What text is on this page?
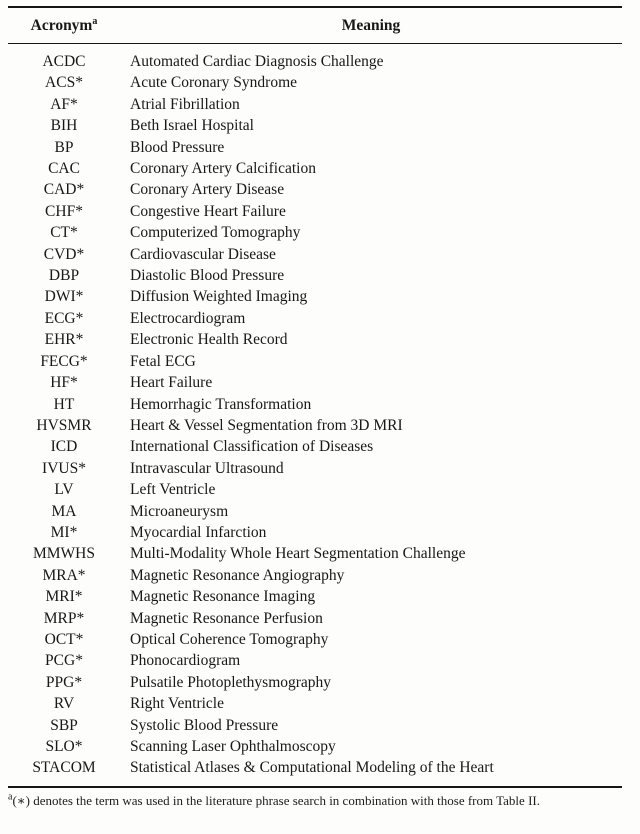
Acronym$^a$	Meaning
ACDC	Automated Cardiac Diagnosis Challenge
ACS*	Acute Coronary Syndrome
AF*	Atrial Fibrillation
BIH	Beth Israel Hospital
BP	Blood Pressure
CAC	Coronary Artery Calcification
CAD*	Coronary Artery Disease
CHF*	Congestive Heart Failure
CT*	Computerized Tomography
CVD*	Cardiovascular Disease
DBP	Diastolic Blood Pressure
DWI*	Diffusion Weighted Imaging
ECG*	Electrocardiogram
EHR*	Electronic Health Record
FECG*	Fetal ECG
HF*	Heart Failure
HT	Hemorrhagic Transformation
HVSMR	Heart & Vessel Segmentation from 3D MRI
ICD	International Classification of Diseases
IVUS*	Intravascular Ultrasound
LV	Left Ventricle
MA	Microaneurysm
MI*	Myocardial Infarction
MMWHS	Multi-Modality Whole Heart Segmentation Challenge
MRA*	Magnetic Resonance Angiography
MRI*	Magnetic Resonance Imaging
MRP*	Magnetic Resonance Perfusion
OCT*	Optical Coherence Tomography
PCG*	Phonocardiogram
PPG*	Pulsatile Photoplethysmography
RV	Right Ventricle
SBP	Systolic Blood Pressure
SLO*	Scanning Laser Ophthalmoscopy
STACOM	Statistical Atlases & Computational Modeling of the Heart
$^a$(∗) denotes the term was used in the literature phrase search in combination with those from Table II.
